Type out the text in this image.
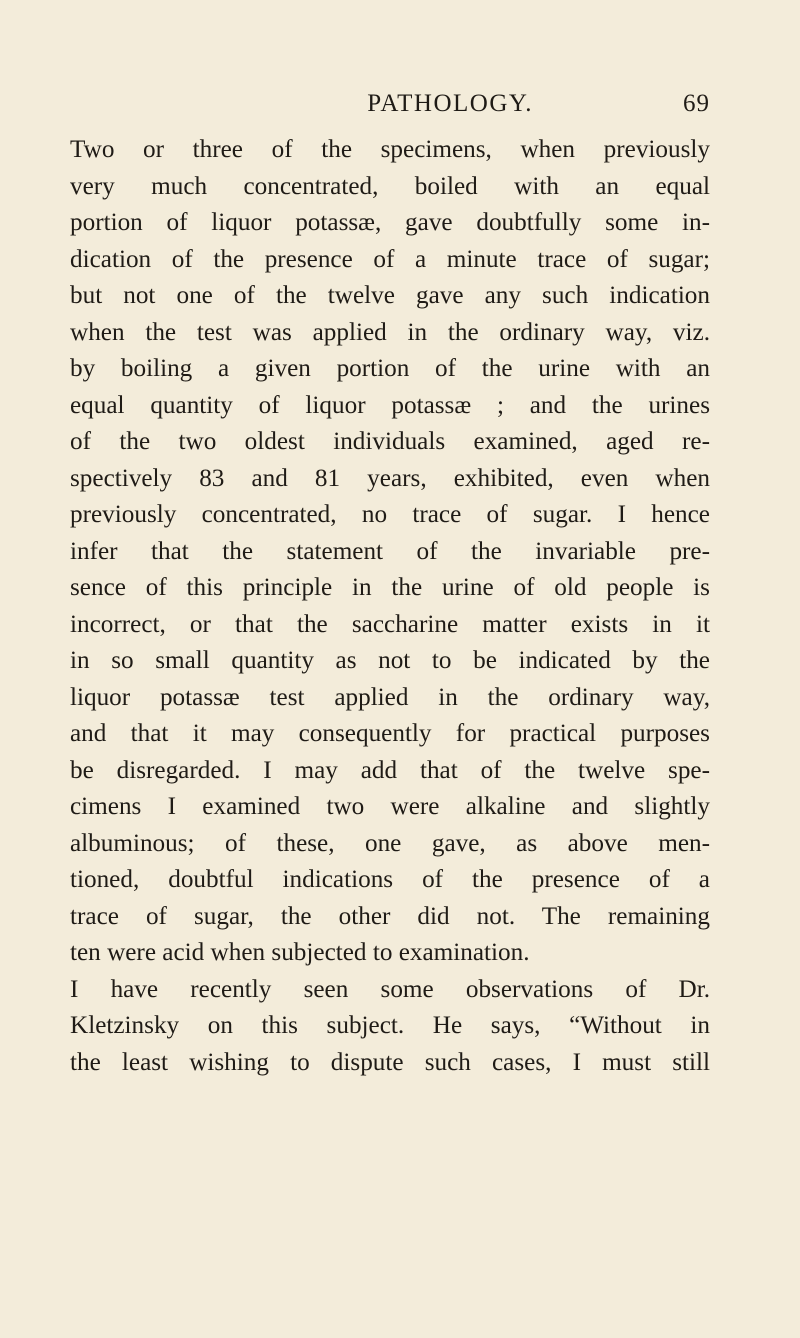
PATHOLOGY.	69
Two or three of the specimens, when previously
very much concentrated, boiled with an equal
portion of liquor potassæ, gave doubtfully some in-
dication of the presence of a minute trace of sugar;
but not one of the twelve gave any such indication
when the test was applied in the ordinary way, viz.
by boiling a given portion of the urine with an
equal quantity of liquor potassæ ; and the urines
of the two oldest individuals examined, aged re-
spectively 83 and 81 years, exhibited, even when
previously concentrated, no trace of sugar. I hence
infer that the statement of the invariable pre-
sence of this principle in the urine of old people is
incorrect, or that the saccharine matter exists in it
in so small quantity as not to be indicated by the
liquor potassæ test applied in the ordinary way,
and that it may consequently for practical purposes
be disregarded. I may add that of the twelve spe-
cimens I examined two were alkaline and slightly
albuminous; of these, one gave, as above men-
tioned, doubtful indications of the presence of a
trace of sugar, the other did not. The remaining
ten were acid when subjected to examination.
I have recently seen some observations of Dr.
Kletzinsky on this subject. He says, “Without in
the least wishing to dispute such cases, I must still
